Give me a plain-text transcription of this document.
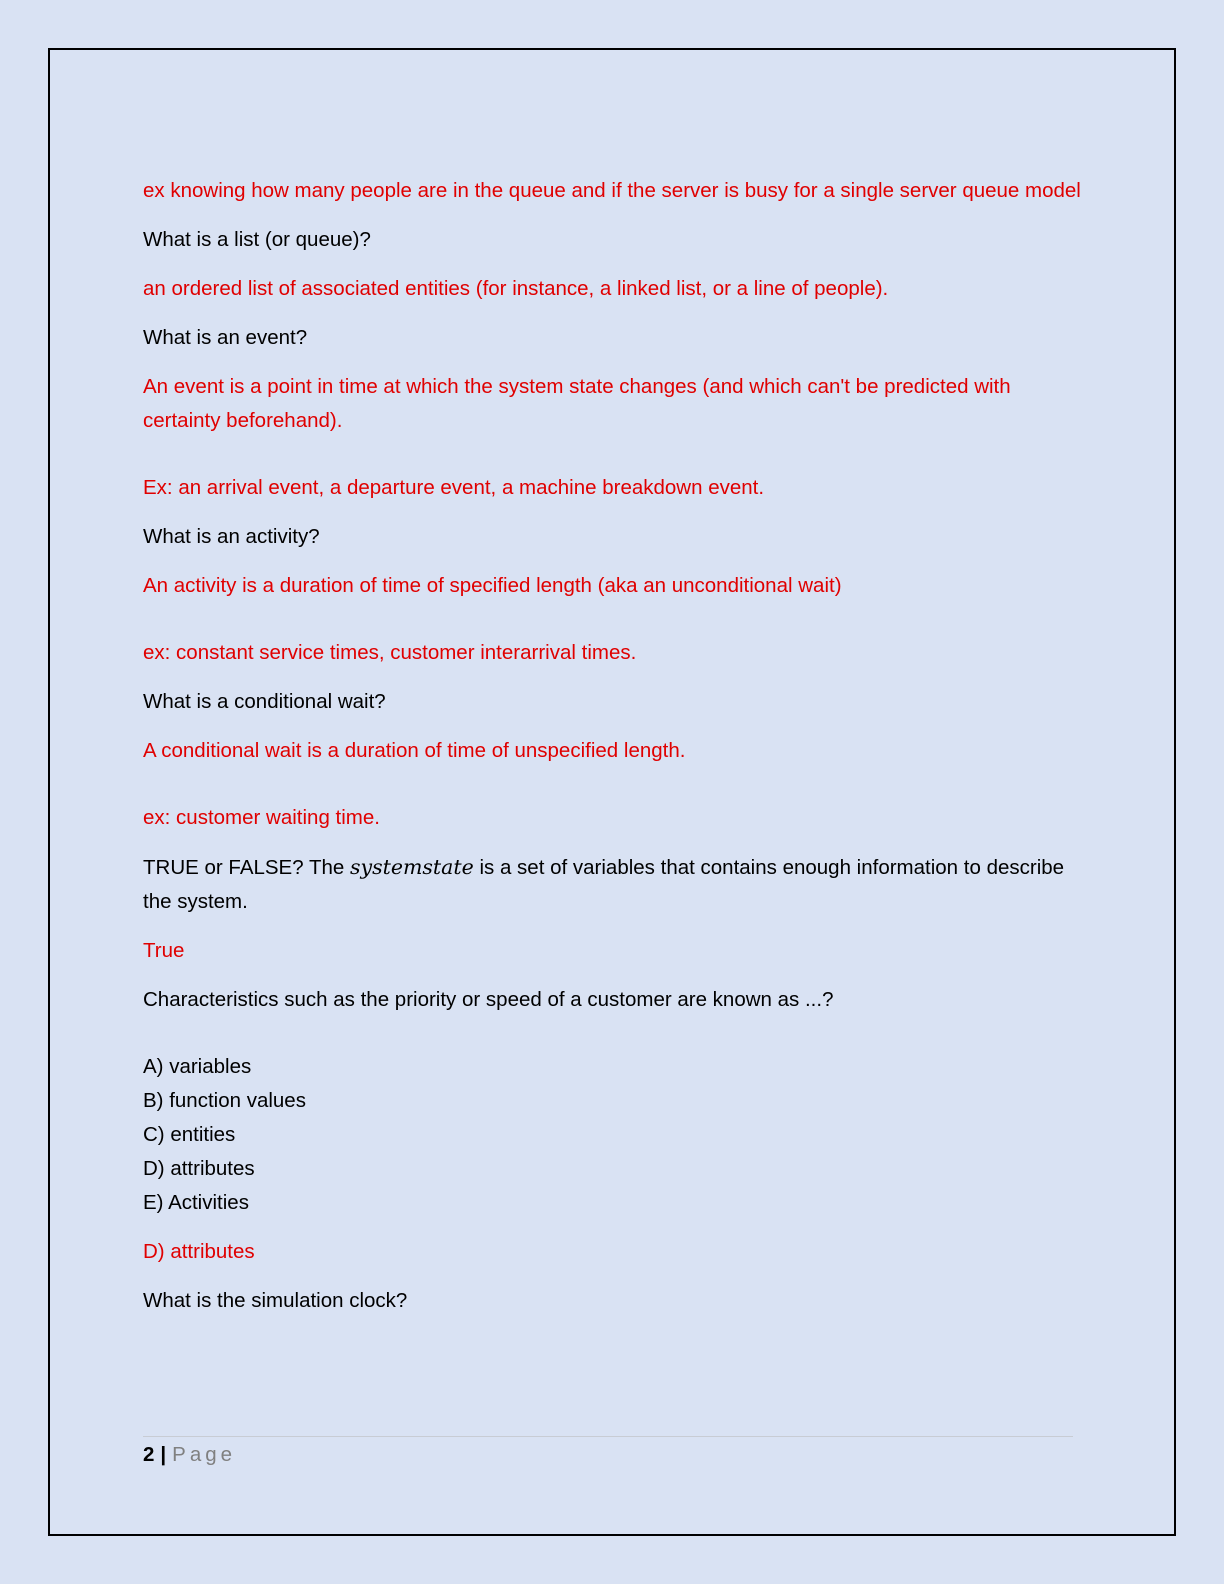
ex knowing how many people are in the queue and if the server is busy for a single server queue model

What is a list (or queue)?

an ordered list of associated entities (for instance, a linked list, or a line of people).

What is an event?

An event is a point in time at which the system state changes (and which can't be predicted with certainty beforehand).

Ex: an arrival event, a departure event, a machine breakdown event.

What is an activity?

An activity is a duration of time of specified length (aka an unconditional wait)

ex: constant service times, customer interarrival times.

What is a conditional wait?

A conditional wait is a duration of time of unspecified length.

ex: customer waiting time.

TRUE or FALSE? The systemstate is a set of variables that contains enough information to describe the system.

True

Characteristics such as the priority or speed of a customer are known as ...?

A) variables
B) function values
C) entities
D) attributes
E) Activities

D) attributes

What is the simulation clock?

2 | Page
